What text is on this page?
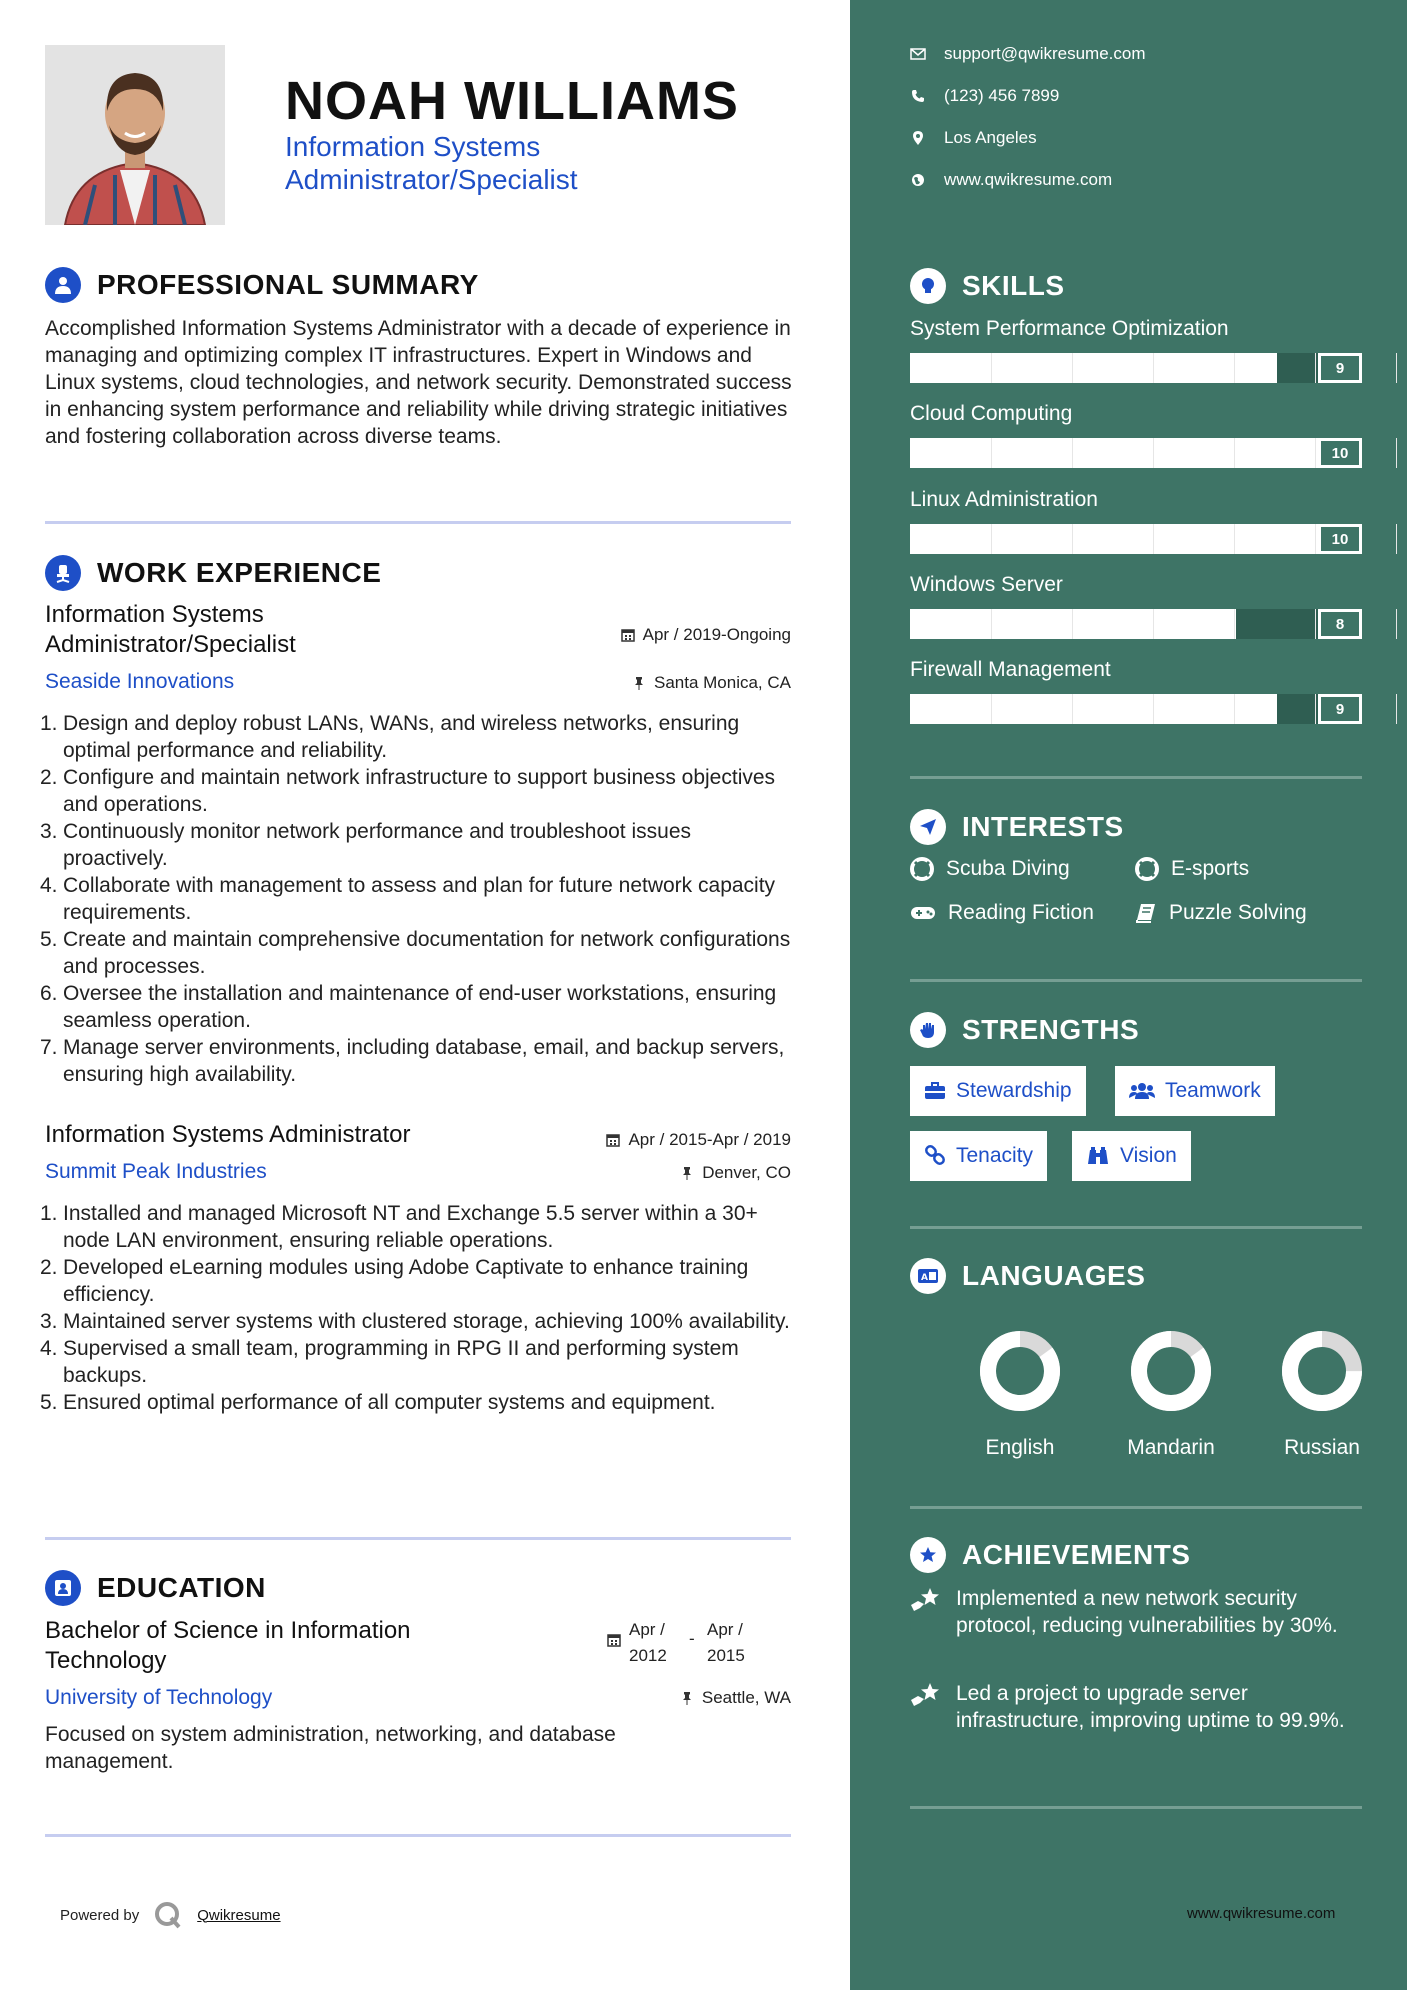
NOAH WILLIAMS
Information Systems Administrator/Specialist
PROFESSIONAL SUMMARY
Accomplished Information Systems Administrator with a decade of experience in managing and optimizing complex IT infrastructures. Expert in Windows and Linux systems, cloud technologies, and network security. Demonstrated success in enhancing system performance and reliability while driving strategic initiatives and fostering collaboration across diverse teams.
WORK EXPERIENCE
Information Systems Administrator/Specialist	Apr / 2019-Ongoing
Seaside Innovations	Santa Monica, CA
1. Design and deploy robust LANs, WANs, and wireless networks, ensuring optimal performance and reliability.
2. Configure and maintain network infrastructure to support business objectives and operations.
3. Continuously monitor network performance and troubleshoot issues proactively.
4. Collaborate with management to assess and plan for future network capacity requirements.
5. Create and maintain comprehensive documentation for network configurations and processes.
6. Oversee the installation and maintenance of end-user workstations, ensuring seamless operation.
7. Manage server environments, including database, email, and backup servers, ensuring high availability.
Information Systems Administrator	Apr / 2015-Apr / 2019
Summit Peak Industries	Denver, CO
1. Installed and managed Microsoft NT and Exchange 5.5 server within a 30+ node LAN environment, ensuring reliable operations.
2. Developed eLearning modules using Adobe Captivate to enhance training efficiency.
3. Maintained server systems with clustered storage, achieving 100% availability.
4. Supervised a small team, programming in RPG II and performing system backups.
5. Ensured optimal performance of all computer systems and equipment.
EDUCATION
Bachelor of Science in Information Technology
Apr / 2012
- Apr / 2015
University of Technology	Seattle, WA
Focused on system administration, networking, and database management.
Powered by	Qwikresume
support@qwikresume.com
(123) 456 7899
Los Angeles
www.qwikresume.com
SKILLS
System Performance Optimization
9
Cloud Computing
10
Linux Administration
10
Windows Server
8
Firewall Management
9
INTERESTS
Scuba Diving	E-sports
Reading Fiction	Puzzle Solving
STRENGTHS
Stewardship	Teamwork
Tenacity	Vision
A LANGUAGES
English	Mandarin	Russian
ACHIEVEMENTS
Implemented a new network security protocol, reducing vulnerabilities by 30%.
Led a project to upgrade server infrastructure, improving uptime to 99.9%.
www.qwikresume.com
